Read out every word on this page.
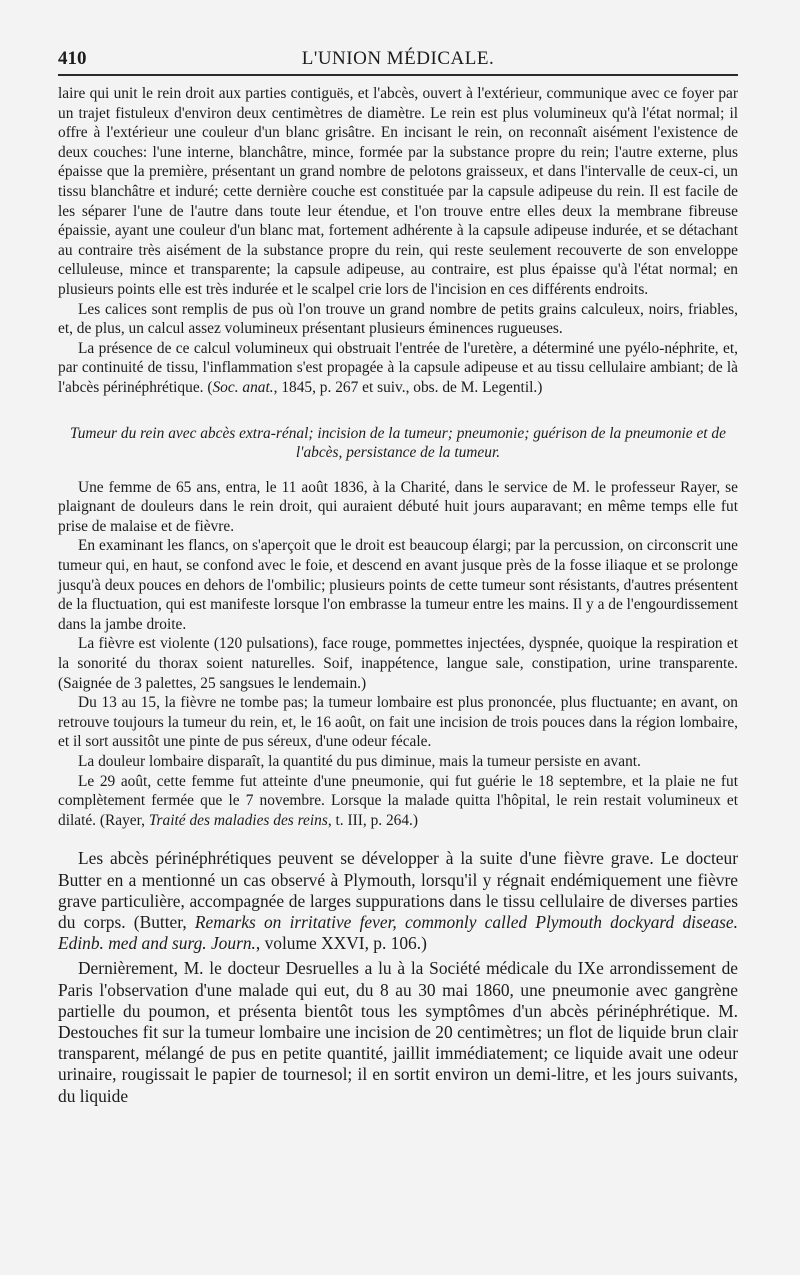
410	L'UNION MÉDICALE.

laire qui unit le rein droit aux parties contiguës, et l'abcès, ouvert à l'extérieur, communique avec ce foyer par un trajet fistuleux d'environ deux centimètres de diamètre. Le rein est plus volumineux qu'à l'état normal; il offre à l'extérieur une couleur d'un blanc grisâtre. En incisant le rein, on reconnaît aisément l'existence de deux couches: l'une interne, blanchâtre, mince, formée par la substance propre du rein; l'autre externe, plus épaisse que la première, présentant un grand nombre de pelotons graisseux, et dans l'intervalle de ceux-ci, un tissu blanchâtre et induré; cette dernière couche est constituée par la capsule adipeuse du rein. Il est facile de les séparer l'une de l'autre dans toute leur étendue, et l'on trouve entre elles deux la membrane fibreuse épaissie, ayant une couleur d'un blanc mat, fortement adhérente à la capsule adipeuse indurée, et se détachant au contraire très aisément de la substance propre du rein, qui reste seulement recouverte de son enveloppe celluleuse, mince et transparente; la capsule adipeuse, au contraire, est plus épaisse qu'à l'état normal; en plusieurs points elle est très indurée et le scalpel crie lors de l'incision en ces différents endroits.

Les calices sont remplis de pus où l'on trouve un grand nombre de petits grains calculeux, noirs, friables, et, de plus, un calcul assez volumineux présentant plusieurs éminences rugueuses.

La présence de ce calcul volumineux qui obstruait l'entrée de l'uretère, a déterminé une pyélo-néphrite, et, par continuité de tissu, l'inflammation s'est propagée à la capsule adipeuse et au tissu cellulaire ambiant; de là l'abcès périnéphrétique. (Soc. anat., 1845, p. 267 et suiv., obs. de M. Legentil.)

Tumeur du rein avec abcès extra-rénal; incision de la tumeur; pneumonie; guérison de la pneumonie et de l'abcès, persistance de la tumeur.

Une femme de 65 ans, entra, le 11 août 1836, à la Charité, dans le service de M. le professeur Rayer, se plaignant de douleurs dans le rein droit, qui auraient débuté huit jours auparavant; en même temps elle fut prise de malaise et de fièvre.

En examinant les flancs, on s'aperçoit que le droit est beaucoup élargi; par la percussion, on circonscrit une tumeur qui, en haut, se confond avec le foie, et descend en avant jusque près de la fosse iliaque et se prolonge jusqu'à deux pouces en dehors de l'ombilic; plusieurs points de cette tumeur sont résistants, d'autres présentent de la fluctuation, qui est manifeste lorsque l'on embrasse la tumeur entre les mains. Il y a de l'engourdissement dans la jambe droite.

La fièvre est violente (120 pulsations), face rouge, pommettes injectées, dyspnée, quoique la respiration et la sonorité du thorax soient naturelles. Soif, inappétence, langue sale, constipation, urine transparente. (Saignée de 3 palettes, 25 sangsues le lendemain.)

Du 13 au 15, la fièvre ne tombe pas; la tumeur lombaire est plus prononcée, plus fluctuante; en avant, on retrouve toujours la tumeur du rein, et, le 16 août, on fait une incision de trois pouces dans la région lombaire, et il sort aussitôt une pinte de pus séreux, d'une odeur fécale.

La douleur lombaire disparaît, la quantité du pus diminue, mais la tumeur persiste en avant.

Le 29 août, cette femme fut atteinte d'une pneumonie, qui fut guérie le 18 septembre, et la plaie ne fut complètement fermée que le 7 novembre. Lorsque la malade quitta l'hôpital, le rein restait volumineux et dilaté. (Rayer, Traité des maladies des reins, t. III, p. 264.)

Les abcès périnéphrétiques peuvent se développer à la suite d'une fièvre grave. Le docteur Butter en a mentionné un cas observé à Plymouth, lorsqu'il y régnait endémiquement une fièvre grave particulière, accompagnée de larges suppurations dans le tissu cellulaire de diverses parties du corps. (Butter, Remarks on irritative fever, commonly called Plymouth dockyard disease. Edinb. med and surg. Journ., volume XXVI, p. 106.)

Dernièrement, M. le docteur Desruelles a lu à la Société médicale du IXe arrondissement de Paris l'observation d'une malade qui eut, du 8 au 30 mai 1860, une pneumonie avec gangrène partielle du poumon, et présenta bientôt tous les symptômes d'un abcès périnéphrétique. M. Destouches fit sur la tumeur lombaire une incision de 20 centimètres; un flot de liquide brun clair transparent, mélangé de pus en petite quantité, jaillit immédiatement; ce liquide avait une odeur urinaire, rougissait le papier de tournesol; il en sortit environ un demi-litre, et les jours suivants, du liquide
